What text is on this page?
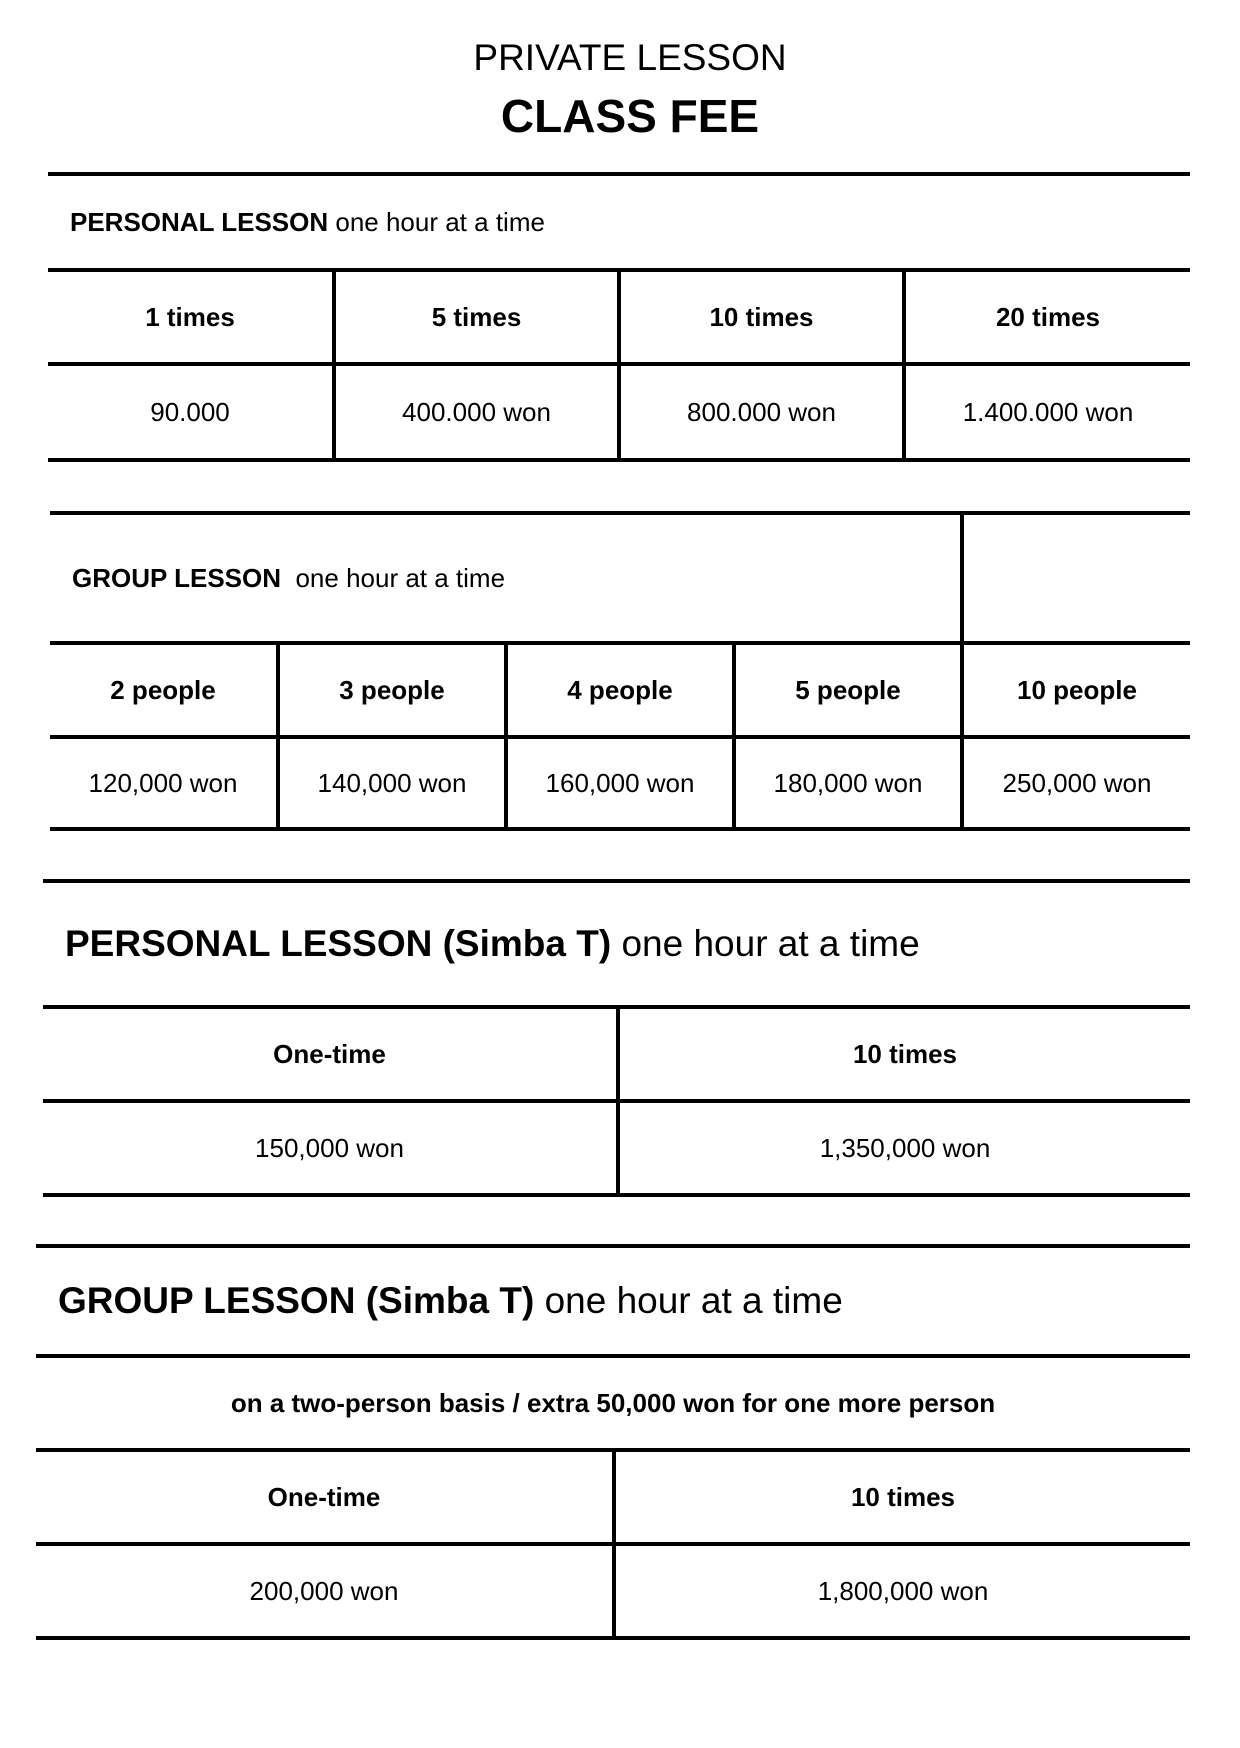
PRIVATE LESSON
CLASS FEE
PERSONAL LESSON
one hour at a time
1 times	5 times	10 times	20 times
90.000	400.000 won	800.000 won	1.400.000 won
GROUP LESSON
one hour at a time
2 people	3 people	4 people	5 people	10 people
120,000 won	140,000 won	160,000 won	180,000 won	250,000 won
PERSONAL LESSON (Simba T)
one hour at a time
One-time	10 times
150,000 won	1,350,000 won
GROUP LESSON (Simba T)
one hour at a time
on a two-person basis / extra 50,000 won for one more person
One-time	10 times
200,000 won	1,800,000 won
